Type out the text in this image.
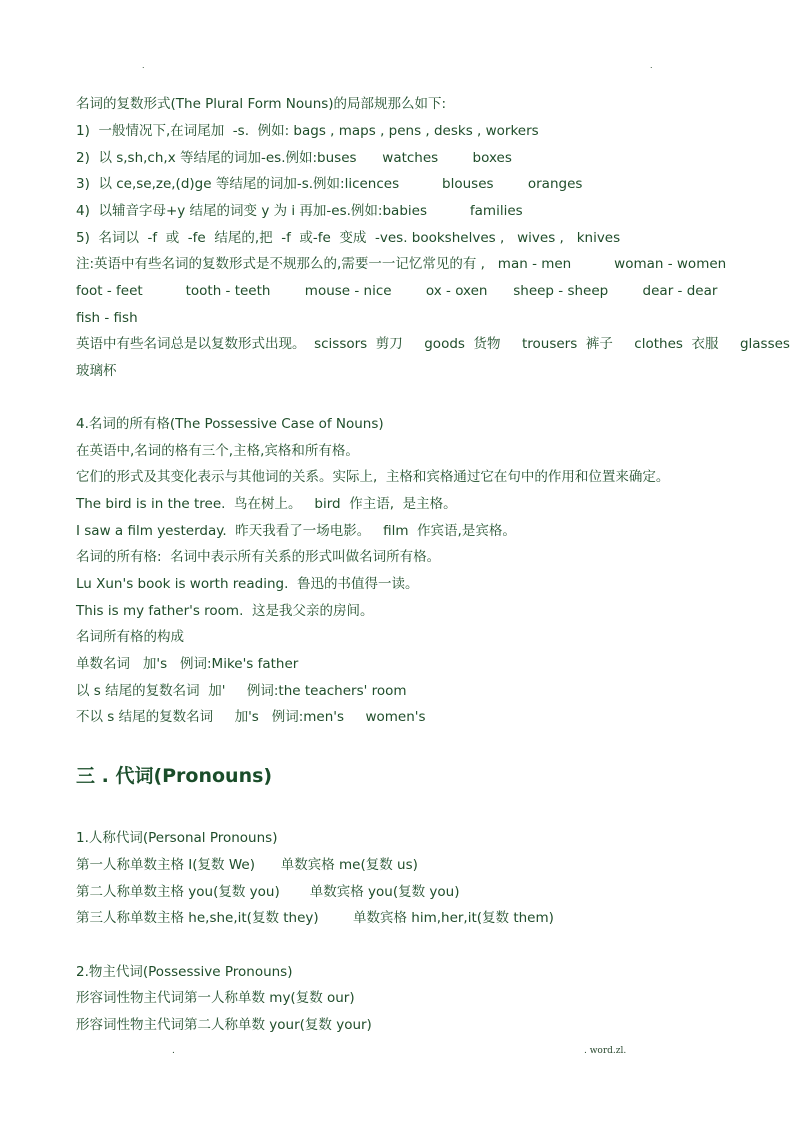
.	.
名词的复数形式(The Plural Form Nouns)的局部规那么如下:
1)  一般情况下,在词尾加  -s.  例如: bags , maps , pens , desks , workers
2)  以 s,sh,ch,x 等结尾的词加-es.例如:buses      watches        boxes
3)  以 ce,se,ze,(d)ge 等结尾的词加-s.例如:licences          blouses        oranges
4)  以辅音字母+y 结尾的词变 y 为 i 再加-es.例如:babies          families
5)  名词以  -f  或  -fe  结尾的,把  -f  或-fe  变成  -ves. bookshelves ,   wives ,   knives
注:英语中有些名词的复数形式是不规那么的,需要一一记忆常见的有 ,   man - men          woman - women
foot - feet          tooth - teeth        mouse - nice        ox - oxen      sheep - sheep        dear - dear
fish - fish
英语中有些名词总是以复数形式出现。  scissors  剪刀     goods  货物     trousers  裤子     clothes  衣服     glasses
玻璃杯
4.名词的所有格(The Possessive Case of Nouns)
在英语中,名词的格有三个,主格,宾格和所有格。
它们的形式及其变化表示与其他词的关系。实际上,  主格和宾格通过它在句中的作用和位置来确定。
The bird is in the tree.  鸟在树上。   bird  作主语,  是主格。
I saw a film yesterday.  昨天我看了一场电影。   film  作宾语,是宾格。
名词的所有格:  名词中表示所有关系的形式叫做名词所有格。
Lu Xun's book is worth reading.  鲁迅的书值得一读。
This is my father's room.  这是我父亲的房间。
名词所有格的构成
单数名词   加's   例词:Mike's father
以 s 结尾的复数名词  加'     例词:the teachers' room
不以 s 结尾的复数名词     加's   例词:men's     women's
三 . 代词(Pronouns)
1.人称代词(Personal Pronouns)
第一人称单数主格 I(复数 We)      单数宾格 me(复数 us)
第二人称单数主格 you(复数 you)       单数宾格 you(复数 you)
第三人称单数主格 he,she,it(复数 they)        单数宾格 him,her,it(复数 them)
2.物主代词(Possessive Pronouns)
形容词性物主代词第一人称单数 my(复数 our)
形容词性物主代词第二人称单数 your(复数 your)
.	. word.zl.
